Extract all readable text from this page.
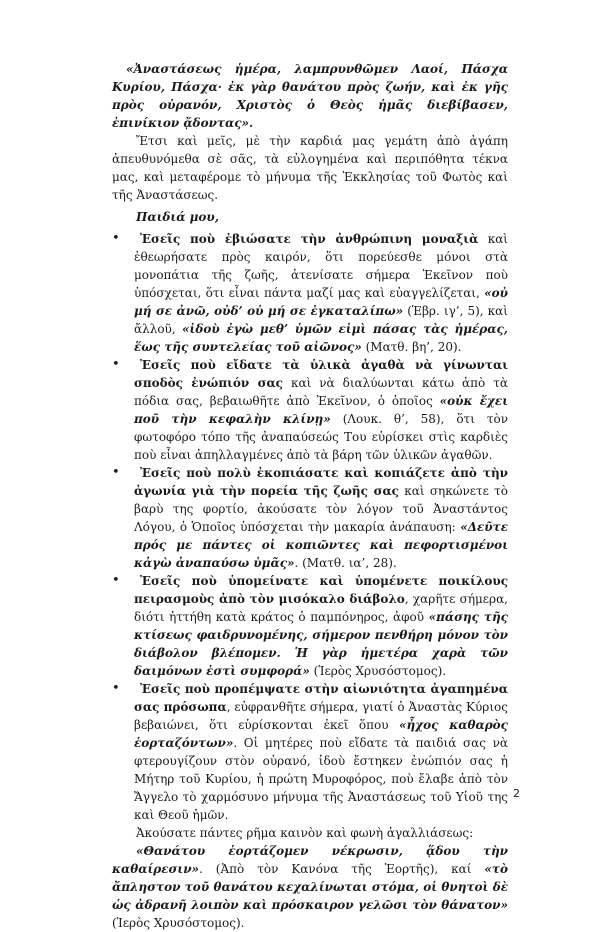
«Ἀναστάσεως ἡμέρα, λαμπρυνθῶμεν Λαοί, Πάσχα Κυρίου, Πάσχα· ἐκ γὰρ θανάτου πρὸς ζωήν, καὶ ἐκ γῆς πρὸς οὐρανόν, Χριστὸς ὁ Θεὸς ἡμᾶς διεβίβασεν, ἐπινίκιον ᾄδοντας».

Ἔτσι καὶ μεῖς, μὲ τὴν καρδιά μας γεμάτη ἀπὸ ἀγάπη ἀπευθυνόμεθα σὲ σᾶς, τὰ εὐλογημένα καὶ περιπόθητα τέκνα μας, καὶ μεταφέρομε τὸ μήνυμα τῆς Ἐκκλησίας τοῦ Φωτὸς καὶ τῆς Ἀναστάσεως.

Παιδιά μου,

•	Ἐσεῖς ποὺ ἐβιώσατε τὴν ἀνθρώπινη μοναξιὰ καὶ ἐθεωρήσατε πρὸς καιρόν, ὅτι πορεύεσθε μόνοι στὰ μονοπάτια τῆς ζωῆς, ἀτενίσατε σήμερα Ἐκεῖνον ποὺ ὑπόσχεται, ὅτι εἶναι πάντα μαζί μας καὶ εὐαγγελίζεται, «οὐ μή σε ἀνῶ, οὐδ’ οὐ μή σε ἐγκαταλίπω» (Ἑβρ. ιγ’, 5), καὶ ἄλλοῦ, «ἰδοὺ ἐγὼ μεθ’ ὑμῶν εἰμὶ πάσας τὰς ἡμέρας, ἕως τῆς συντελείας τοῦ αἰῶνος» (Ματθ. βη’, 20).
•	Ἐσεῖς ποὺ εἴδατε τὰ ὑλικὰ ἀγαθὰ νὰ γίνωνται σποδὸς ἐνώπιόν σας καὶ νὰ διαλύωνται κάτω ἀπὸ τὰ πόδια σας, βεβαιωθῆτε ἀπὸ Ἐκεῖνον, ὁ ὁποῖος «οὐκ ἔχει ποῦ τὴν κεφαλὴν κλίνῃ» (Λουκ. θ’, 58), ὅτι τὸν φωτοφόρο τόπο τῆς ἀναπαύσεώς Του εὑρίσκει στὶς καρδιὲς ποὺ εἶναι ἀπηλλαγμένες ἀπὸ τὰ βάρη τῶν ὑλικῶν ἀγαθῶν.
•	Ἐσεῖς ποὺ πολὺ ἐκοπιάσατε καὶ κοπιάζετε ἀπὸ τὴν ἀγωνία γιὰ τὴν πορεία τῆς ζωῆς σας καὶ σηκώνετε τὸ βαρὺ της φορτίο, ἀκούσατε τὸν λόγον τοῦ Ἀναστάντος Λόγου, ὁ Ὁποῖος ὑπόσχεται τὴν μακαρία ἀνάπαυση: «Δεῦτε πρός με πάντες οἱ κοπιῶντες καὶ πεφορτισμένοι κἀγὼ ἀναπαύσω ὑμᾶς». (Ματθ. ια’, 28).
•	Ἐσεῖς ποὺ ὑπομείνατε καὶ ὑπομένετε ποικίλους πειρασμοὺς ἀπὸ τὸν μισόκαλο διάβολο, χαρῆτε σήμερα, διότι ἡττήθη κατὰ κράτος ὁ παμπόνηρος, ἀφοῦ «πάσης τῆς κτίσεως φαιδρυνομένης, σήμερον πενθήρη μόνον τὸν διάβολον βλέπομεν. Ἡ γὰρ ἡμετέρα χαρὰ τῶν δαιμόνων ἐστὶ συμφορά» (Ἱερὸς Χρυσόστομος).
•	Ἐσεῖς ποὺ προπέμψατε στὴν αἰωνιότητα ἀγαπημένα σας πρόσωπα, εὐφρανθῆτε σήμερα, γιατί ὁ Ἀναστὰς Κύριος βεβαιώνει, ὅτι εὑρίσκονται ἐκεῖ ὅπου «ἦχος καθαρὸς ἑορταζόντων». Οἱ μητέρες ποὺ εἴδατε τὰ παιδιά σας νὰ φτερουγίζουν στὸν οὐρανό, ἰδοὺ ἔστηκεν ἐνώπιόν σας ἡ Μήτηρ τοῦ Κυρίου, ἡ πρώτη Μυροφόρος, ποὺ ἔλαβε ἀπὸ τὸν Ἄγγελο τὸ χαρμόσυνο μήνυμα τῆς Ἀναστάσεως τοῦ Υἱοῦ της καὶ Θεοῦ ἡμῶν.

Ἀκούσατε πάντες ρῆμα καινὸν καὶ φωνὴ ἀγαλλιάσεως:

«Θανάτου ἑορτάζομεν νέκρωσιν, ᾅδου τὴν καθαίρεσιν». (Ἀπὸ τὸν Κανόνα τῆς Ἑορτῆς), καί «τὸ ἄπληστον τοῦ θανάτου κεχαλίνωται στόμα, οἱ θνητοὶ δὲ ὡς ἀδρανῆ λοιπὸν καὶ πρόσκαιρον γελῶσι τὸν θάνατον» (Ἱερὸς Χρυσόστομος).

2
